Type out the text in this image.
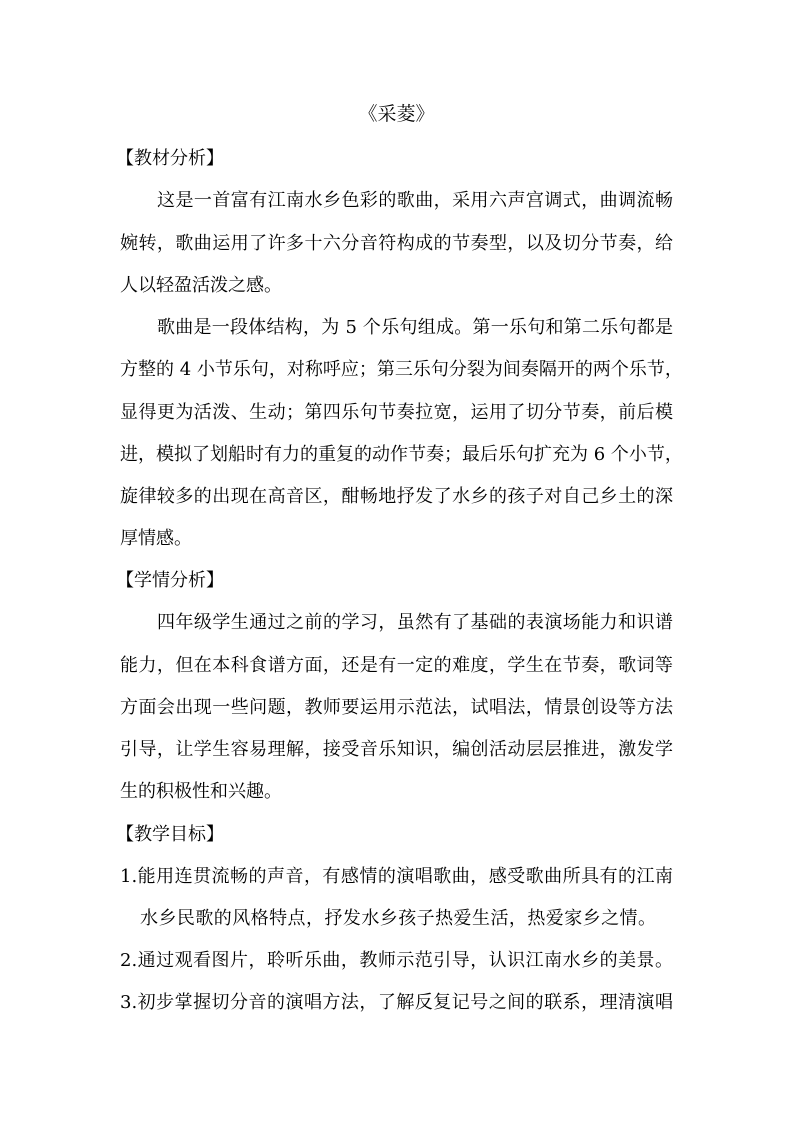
《采菱》
【教材分析】
这是一首富有江南水乡色彩的歌曲，采用六声宫调式，曲调流畅
婉转，歌曲运用了许多十六分音符构成的节奏型，以及切分节奏，给
人以轻盈活泼之感。
歌曲是一段体结构，为 5 个乐句组成。第一乐句和第二乐句都是
方整的 4 小节乐句，对称呼应；第三乐句分裂为间奏隔开的两个乐节，
显得更为活泼、生动；第四乐句节奏拉宽，运用了切分节奏，前后模
进，模拟了划船时有力的重复的动作节奏；最后乐句扩充为 6 个小节，
旋律较多的出现在高音区，酣畅地抒发了水乡的孩子对自己乡土的深
厚情感。
【学情分析】
四年级学生通过之前的学习，虽然有了基础的表演场能力和识谱
能力，但在本科食谱方面，还是有一定的难度，学生在节奏，歌词等
方面会出现一些问题，教师要运用示范法，试唱法，情景创设等方法
引导，让学生容易理解，接受音乐知识，编创活动层层推进，激发学
生的积极性和兴趣。
【教学目标】
1.能用连贯流畅的声音，有感情的演唱歌曲，感受歌曲所具有的江南
水乡民歌的风格特点，抒发水乡孩子热爱生活，热爱家乡之情。
2.通过观看图片，聆听乐曲，教师示范引导，认识江南水乡的美景。
3.初步掌握切分音的演唱方法，了解反复记号之间的联系，理清演唱
